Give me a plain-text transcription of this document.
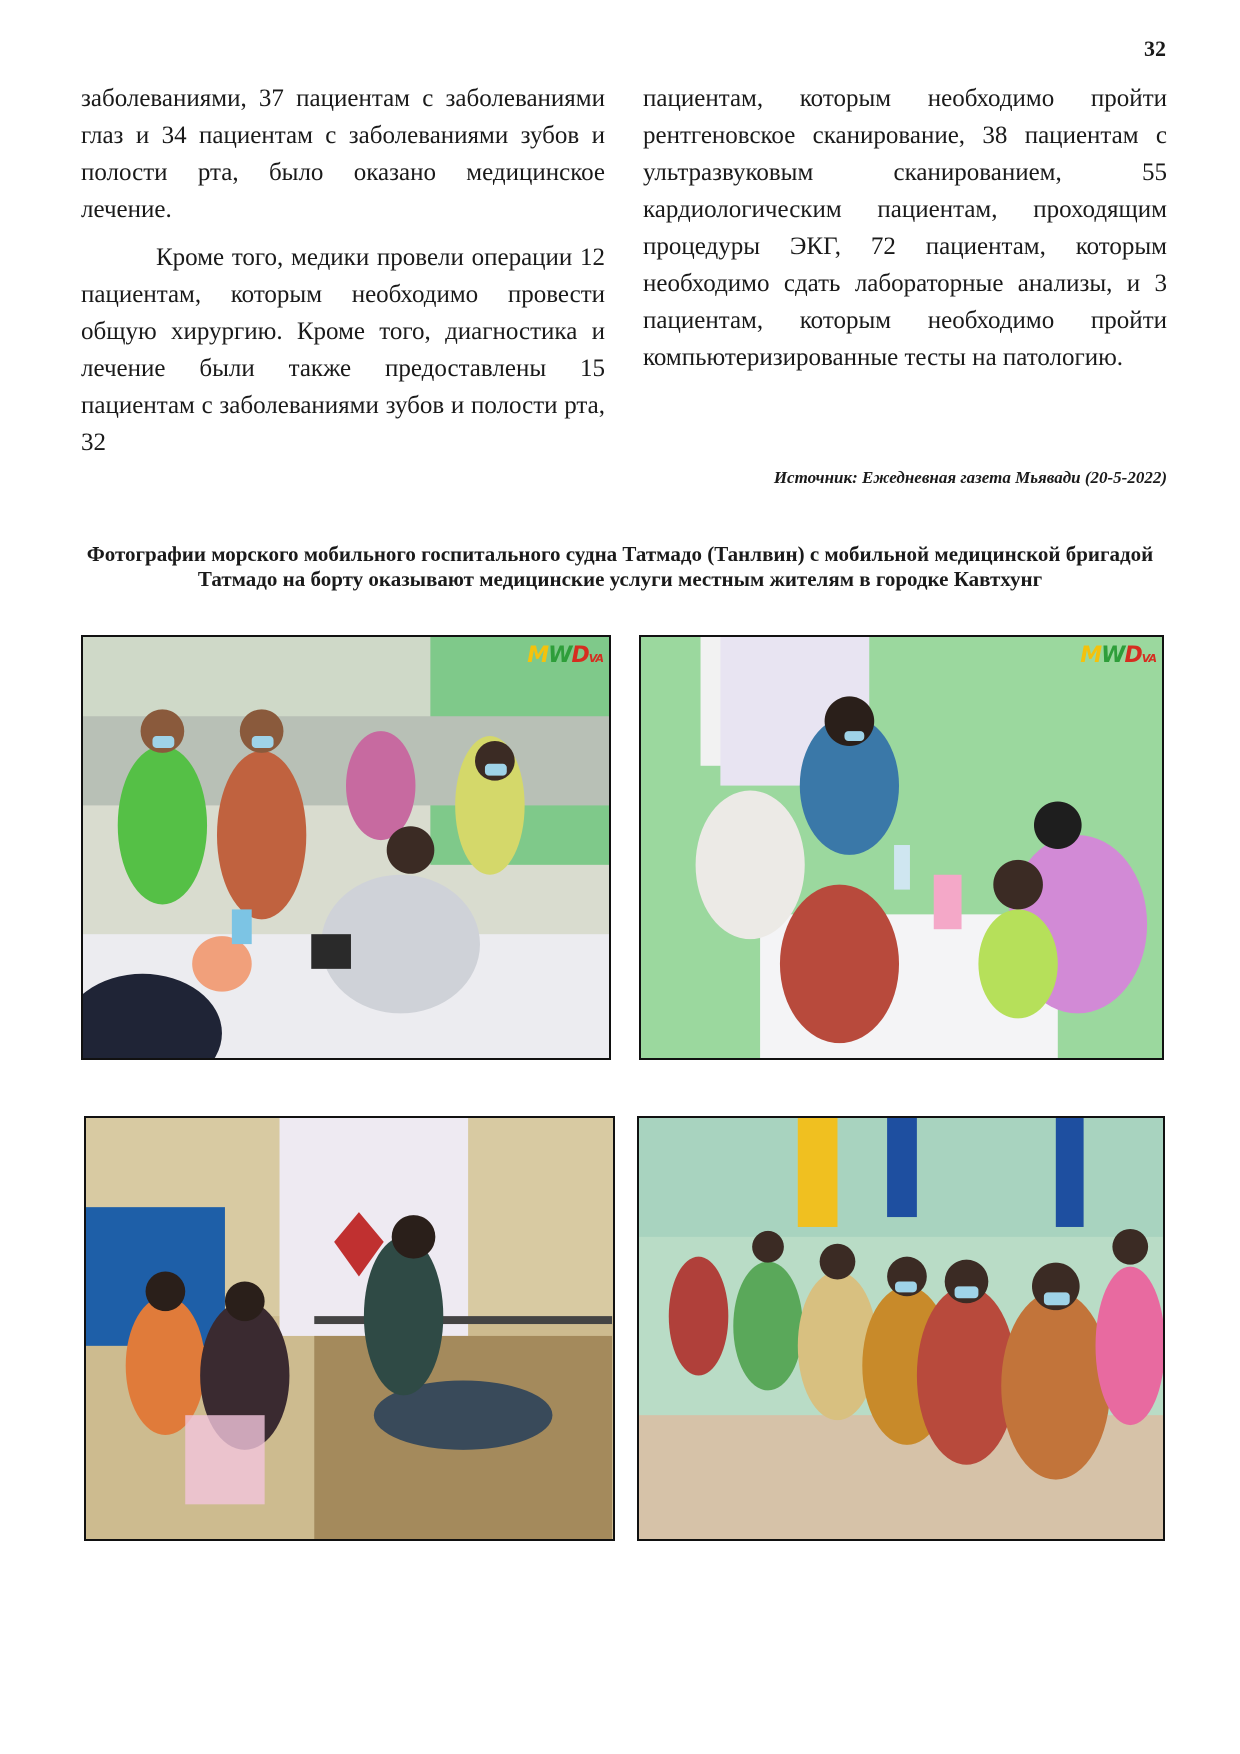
32

заболеваниями, 37 пациентам с заболеваниями глаз и 34 пациентам с заболеваниями зубов и полости рта, было оказано медицинское лечение.

Кроме того, медики провели операции 12 пациентам, которым необходимо провести общую хирургию. Кроме того, диагностика и лечение были также предоставлены 15 пациентам с заболеваниями зубов и полости рта, 32

пациентам, которым необходимо пройти рентгеновское сканирование, 38 пациентам с ультразвуковым сканированием, 55 кардиологическим пациентам, проходящим процедуры ЭКГ, 72 пациентам, которым необходимо сдать лабораторные анализы, и 3 пациентам, которым необходимо пройти компьютеризированные тесты на патологию.

Источник: Ежедневная газета Мьявади (20-5-2022)
Фотографии морского мобильного госпитального судна Татмадо (Танлвин) с мобильной медицинской бригадой Татмадо на борту оказывают медицинские услуги местным жителям в городке Кавтхунг
MWDVA	MWDVA
